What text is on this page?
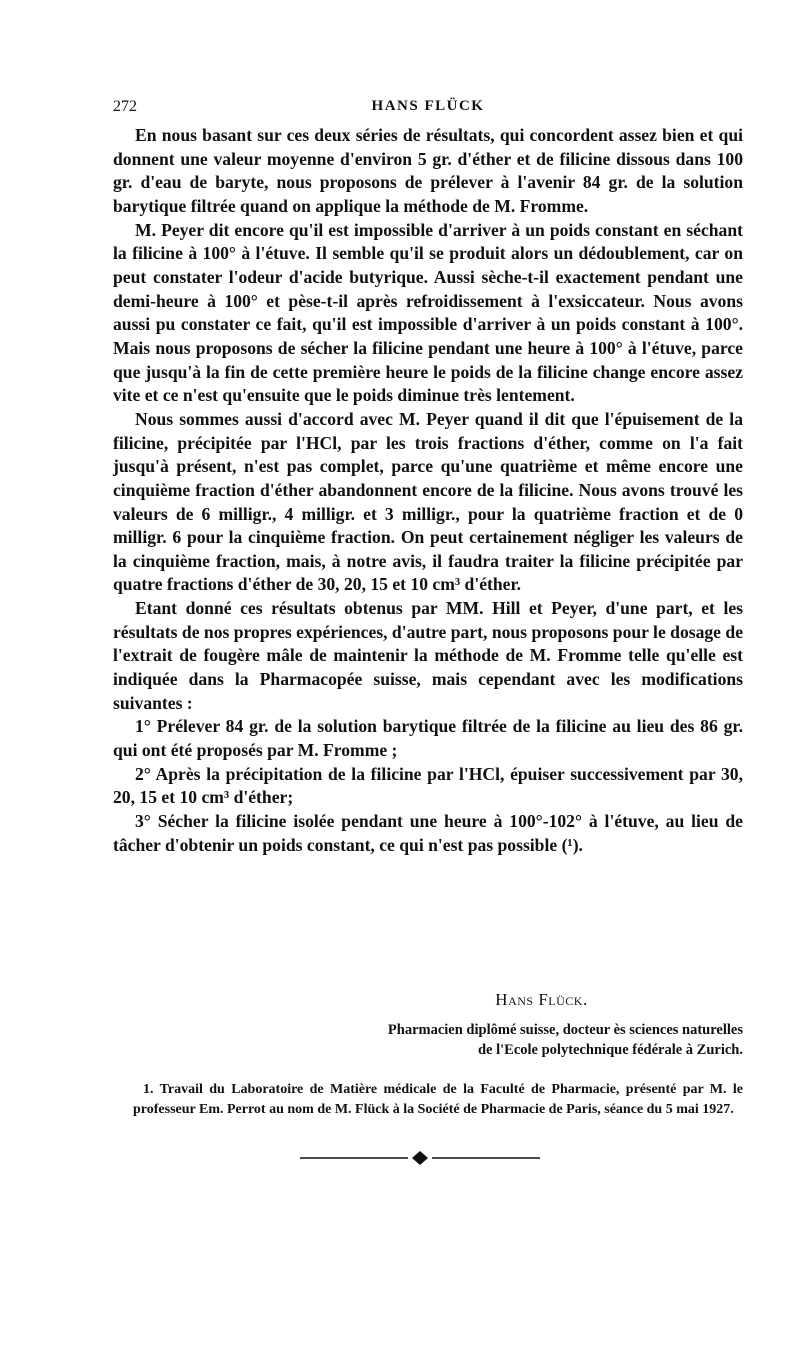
272	HANS FLÜCK

En nous basant sur ces deux séries de résultats, qui concordent assez bien et qui donnent une valeur moyenne d'environ 5 gr. d'éther et de filicine dissous dans 100 gr. d'eau de baryte, nous proposons de prélever à l'avenir 84 gr. de la solution barytique filtrée quand on applique la méthode de M. Fromme.

M. Peyer dit encore qu'il est impossible d'arriver à un poids constant en séchant la filicine à 100° à l'étuve. Il semble qu'il se produit alors un dédoublement, car on peut constater l'odeur d'acide butyrique. Aussi sèche-t-il exactement pendant une demi-heure à 100° et pèse-t-il après refroidissement à l'exsiccateur. Nous avons aussi pu constater ce fait, qu'il est impossible d'arriver à un poids constant à 100°. Mais nous proposons de sécher la filicine pendant une heure à 100° à l'étuve, parce que jusqu'à la fin de cette première heure le poids de la filicine change encore assez vite et ce n'est qu'ensuite que le poids diminue très lentement.

Nous sommes aussi d'accord avec M. Peyer quand il dit que l'épuisement de la filicine, précipitée par l'HCl, par les trois fractions d'éther, comme on l'a fait jusqu'à présent, n'est pas complet, parce qu'une quatrième et même encore une cinquième fraction d'éther abandonnent encore de la filicine. Nous avons trouvé les valeurs de 6 milligr., 4 milligr. et 3 milligr., pour la quatrième fraction et de 0 milligr. 6 pour la cinquième fraction. On peut certainement négliger les valeurs de la cinquième fraction, mais, à notre avis, il faudra traiter la filicine précipitée par quatre fractions d'éther de 30, 20, 15 et 10 cm³ d'éther.

Etant donné ces résultats obtenus par MM. Hill et Peyer, d'une part, et les résultats de nos propres expériences, d'autre part, nous proposons pour le dosage de l'extrait de fougère mâle de maintenir la méthode de M. Fromme telle qu'elle est indiquée dans la Pharmacopée suisse, mais cependant avec les modifications suivantes :

1° Prélever 84 gr. de la solution barytique filtrée de la filicine au lieu des 86 gr. qui ont été proposés par M. Fromme ;

2° Après la précipitation de la filicine par l'HCl, épuiser successivement par 30, 20, 15 et 10 cm³ d'éther;

3° Sécher la filicine isolée pendant une heure à 100°-102° à l'étuve, au lieu de tâcher d'obtenir un poids constant, ce qui n'est pas possible (¹).

Hans Flück.
Pharmacien diplômé suisse, docteur ès sciences naturelles
de l'Ecole polytechnique fédérale à Zurich.

1. Travail du Laboratoire de Matière médicale de la Faculté de Pharmacie, présenté par M. le professeur Em. Perrot au nom de M. Flück à la Société de Pharmacie de Paris, séance du 5 mai 1927.
